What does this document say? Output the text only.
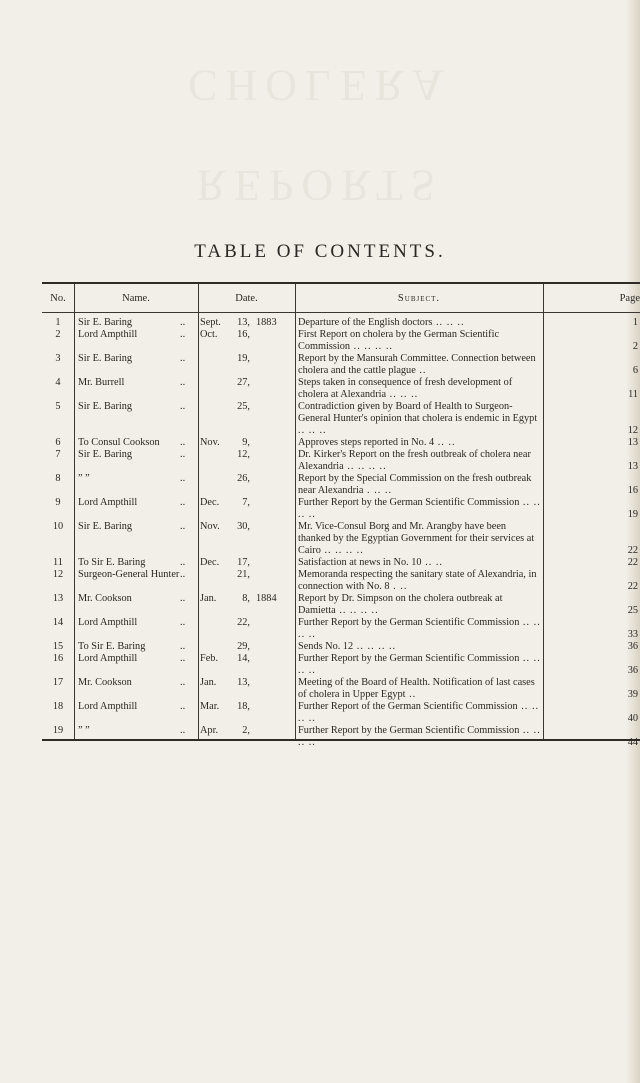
CHOLERA
REPORTS
TABLE OF CONTENTS.
No.	Name.	Date.	Subject.	Page
1	Sir E. Baring	..	Sept.	13, 1883	Departure of the English doctors .. .. ..	1
2	Lord Ampthill	..	Oct.	16,	First Report on cholera by the German Scientific Commission .. .. .. ..	2
3	Sir E. Baring	..	19,	Report by the Mansurah Committee. Connection between cholera and the cattle plague ..	6
4	Mr. Burrell	..	27,	Steps taken in consequence of fresh development of cholera at Alexandria .. .. ..	11
5	Sir E. Baring	..	25,	Contradiction given by Board of Health to Surgeon-General Hunter's opinion that cholera is endemic in Egypt .. .. ..	12
6	To Consul Cookson	..	Nov.	9,	Approves steps reported in No. 4 .. ..	13
7	Sir E. Baring	..	12,	Dr. Kirker's Report on the fresh outbreak of cholera near Alexandria .. .. .. ..	13
8	” ”	..	26,	Report by the Special Commission on the fresh outbreak near Alexandria . .. ..	16
9	Lord Ampthill	..	Dec.	7,	Further Report by the German Scientific Commission .. .. .. ..	19
10	Sir E. Baring	..	Nov.	30,	Mr. Vice-Consul Borg and Mr. Arangby have been thanked by the Egyptian Government for their services at Cairo .. .. .. ..	22
11	To Sir E. Baring	..	Dec.	17,	Satisfaction at news in No. 10 .. ..	22
12	Surgeon-General Hunter ..	21,	Memoranda respecting the sanitary state of Alexandria, in connection with No. 8 . ..	22
13	Mr. Cookson	..	Jan.	8, 1884	Report by Dr. Simpson on the cholera outbreak at Damietta .. .. .. ..	25
14	Lord Ampthill	..	22,	Further Report by the German Scientific Commission .. .. .. ..	33
15	To Sir E. Baring	..	29,	Sends No. 12 .. .. .. ..	36
16	Lord Ampthill	..	Feb.	14,	Further Report by the German Scientific Commission .. .. .. ..	36
17	Mr. Cookson	..	Jan.	13,	Meeting of the Board of Health. Notification of last cases of cholera in Upper Egypt ..	39
18	Lord Ampthill	..	Mar.	18,	Further Report of the German Scientific Commission .. .. .. ..	40
19	” ”	..	Apr.	2,	Further Report by the German Scientific Commission .. .. .. ..	44
